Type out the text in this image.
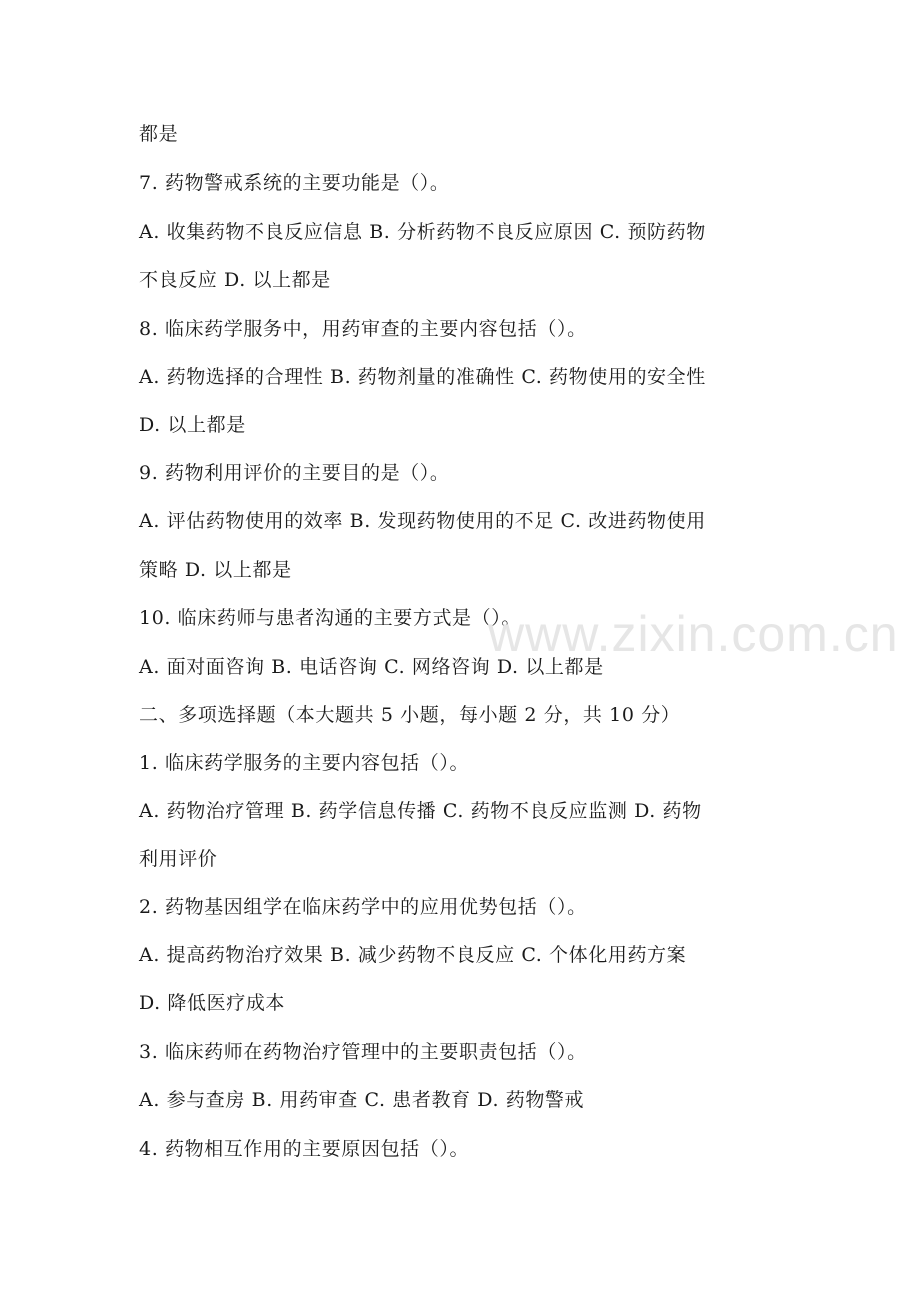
都是
7. 药物警戒系统的主要功能是（）。
A. 收集药物不良反应信息 B. 分析药物不良反应原因 C. 预防药物
不良反应 D. 以上都是
8. 临床药学服务中，用药审查的主要内容包括（）。
A. 药物选择的合理性 B. 药物剂量的准确性 C. 药物使用的安全性
D. 以上都是
9. 药物利用评价的主要目的是（）。
A. 评估药物使用的效率 B. 发现药物使用的不足 C. 改进药物使用
策略 D. 以上都是
10. 临床药师与患者沟通的主要方式是（）。
A. 面对面咨询 B. 电话咨询 C. 网络咨询 D. 以上都是
二、多项选择题（本大题共 5 小题，每小题 2 分，共 10 分）
1. 临床药学服务的主要内容包括（）。
A. 药物治疗管理 B. 药学信息传播 C. 药物不良反应监测 D. 药物
利用评价
2. 药物基因组学在临床药学中的应用优势包括（）。
A. 提高药物治疗效果 B. 减少药物不良反应 C. 个体化用药方案
D. 降低医疗成本
3. 临床药师在药物治疗管理中的主要职责包括（）。
A. 参与查房 B. 用药审查 C. 患者教育 D. 药物警戒
4. 药物相互作用的主要原因包括（）。
www.zixin.com.cn
